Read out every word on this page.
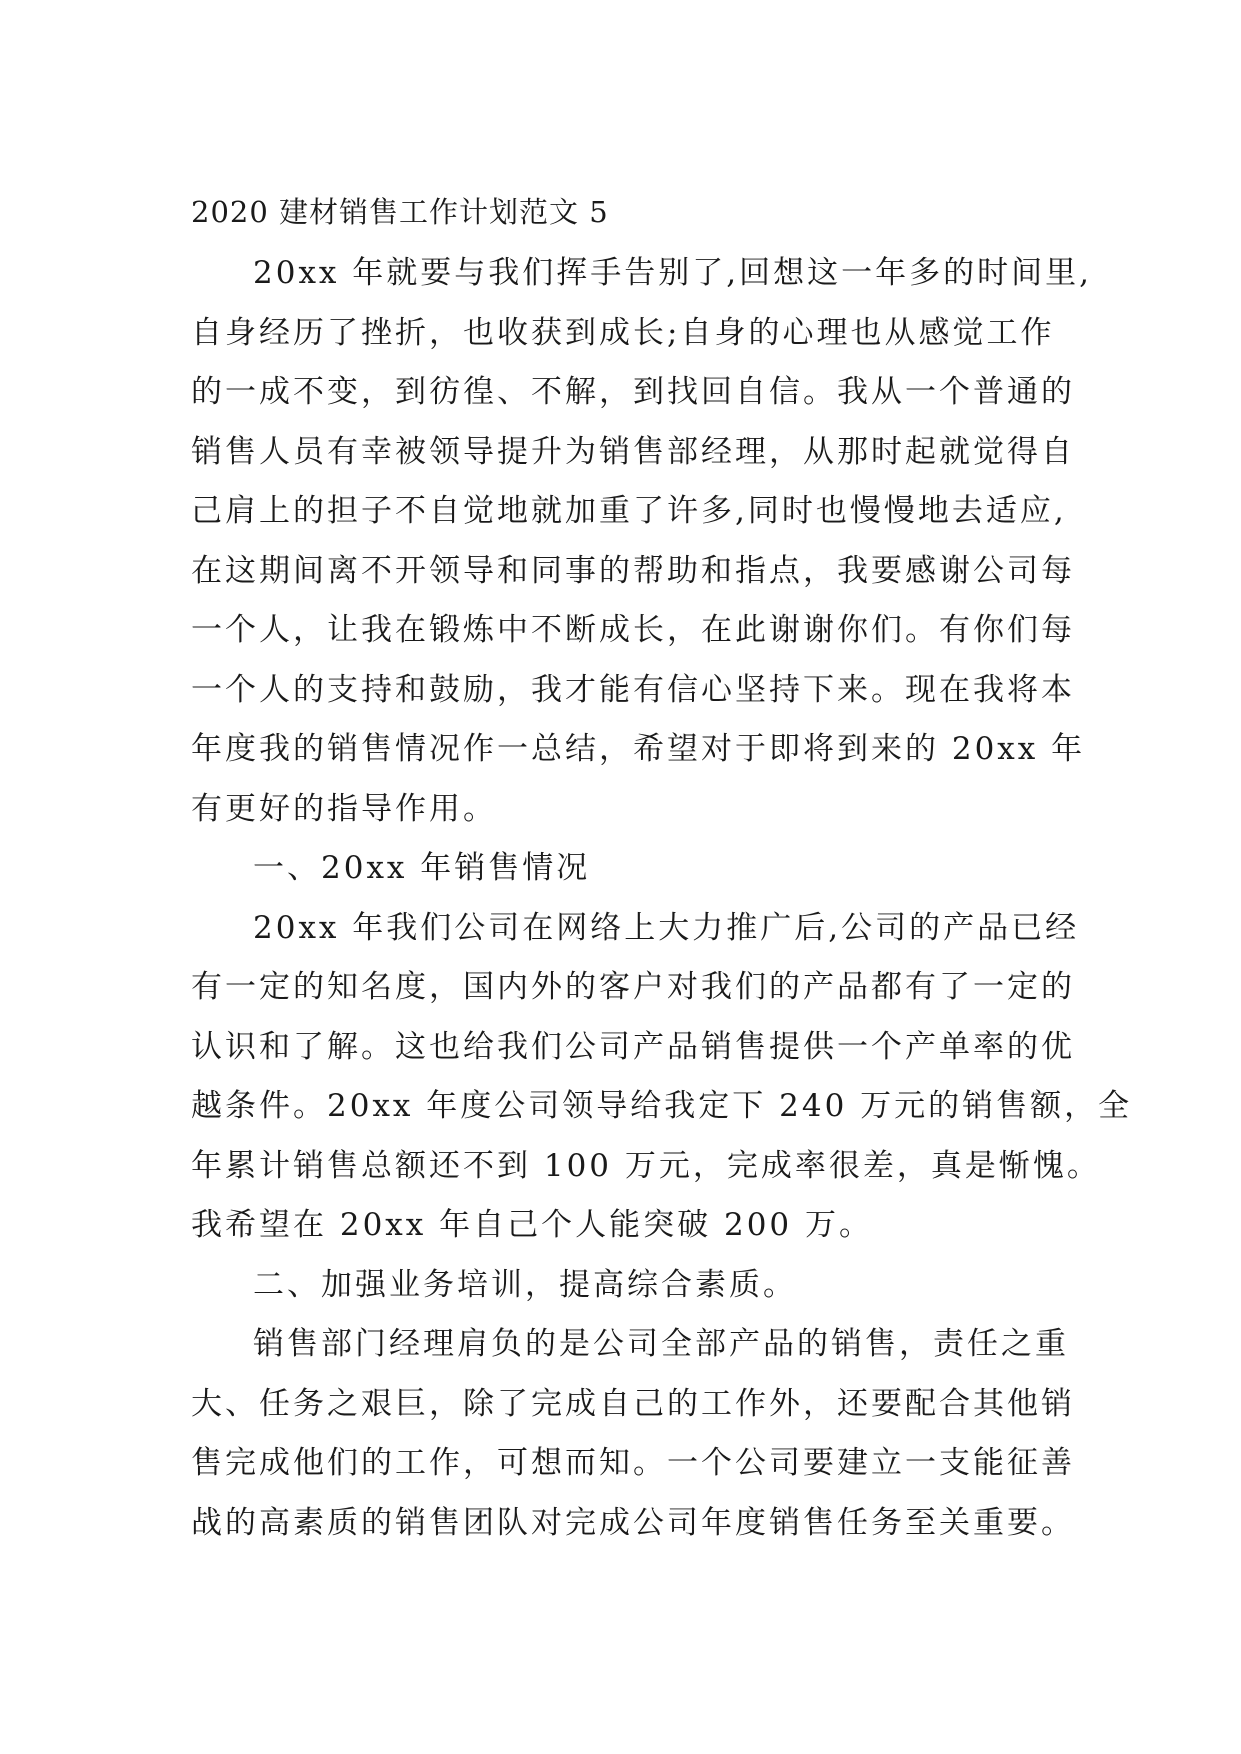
2020 建材销售工作计划范文 5
20xx 年就要与我们挥手告别了,回想这一年多的时间里,
自身经历了挫折，也收获到成长;自身的心理也从感觉工作
的一成不变，到彷徨、不解，到找回自信。我从一个普通的
销售人员有幸被领导提升为销售部经理，从那时起就觉得自
己肩上的担子不自觉地就加重了许多,同时也慢慢地去适应,
在这期间离不开领导和同事的帮助和指点，我要感谢公司每
一个人，让我在锻炼中不断成长，在此谢谢你们。有你们每
一个人的支持和鼓励，我才能有信心坚持下来。现在我将本
年度我的销售情况作一总结，希望对于即将到来的 20xx 年
有更好的指导作用。
一、20xx 年销售情况
20xx 年我们公司在网络上大力推广后,公司的产品已经
有一定的知名度，国内外的客户对我们的产品都有了一定的
认识和了解。这也给我们公司产品销售提供一个产单率的优
越条件。20xx 年度公司领导给我定下 240 万元的销售额，全
年累计销售总额还不到 100 万元，完成率很差，真是惭愧。
我希望在 20xx 年自己个人能突破 200 万。
二、加强业务培训，提高综合素质。
销售部门经理肩负的是公司全部产品的销售，责任之重
大、任务之艰巨，除了完成自己的工作外，还要配合其他销
售完成他们的工作，可想而知。一个公司要建立一支能征善
战的高素质的销售团队对完成公司年度销售任务至关重要。
